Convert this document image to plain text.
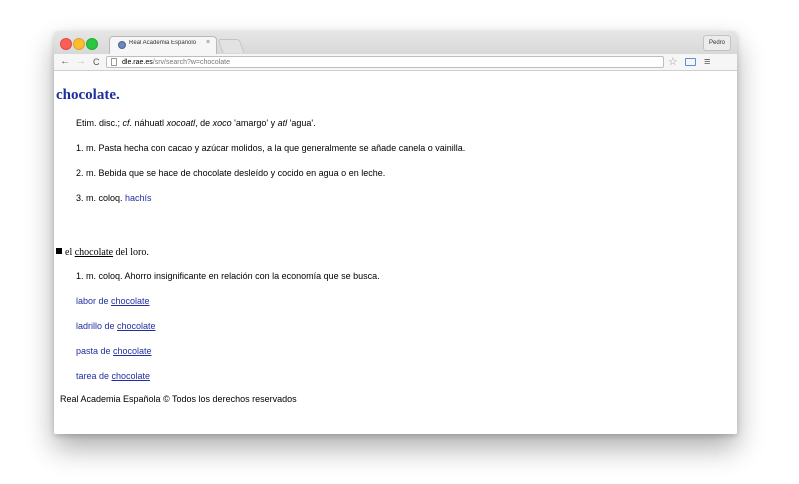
Real Academia Españolo	×	Pedro
← → C	dle.rae.es/srv/search?w=chocolate	☆ ≡
chocolate.
Etim. disc.; cf. náhuatl xocoatl, de xoco 'amargo' y atl 'agua'.
1. m. Pasta hecha con cacao y azúcar molidos, a la que generalmente se añade canela o vainilla.
2. m. Bebida que se hace de chocolate desleído y cocido en agua o en leche.
3. m. coloq. hachís
el chocolate del loro.
1. m. coloq. Ahorro insignificante en relación con la economía que se busca.
labor de chocolate
ladrillo de chocolate
pasta de chocolate
tarea de chocolate
Real Academia Española © Todos los derechos reservados
